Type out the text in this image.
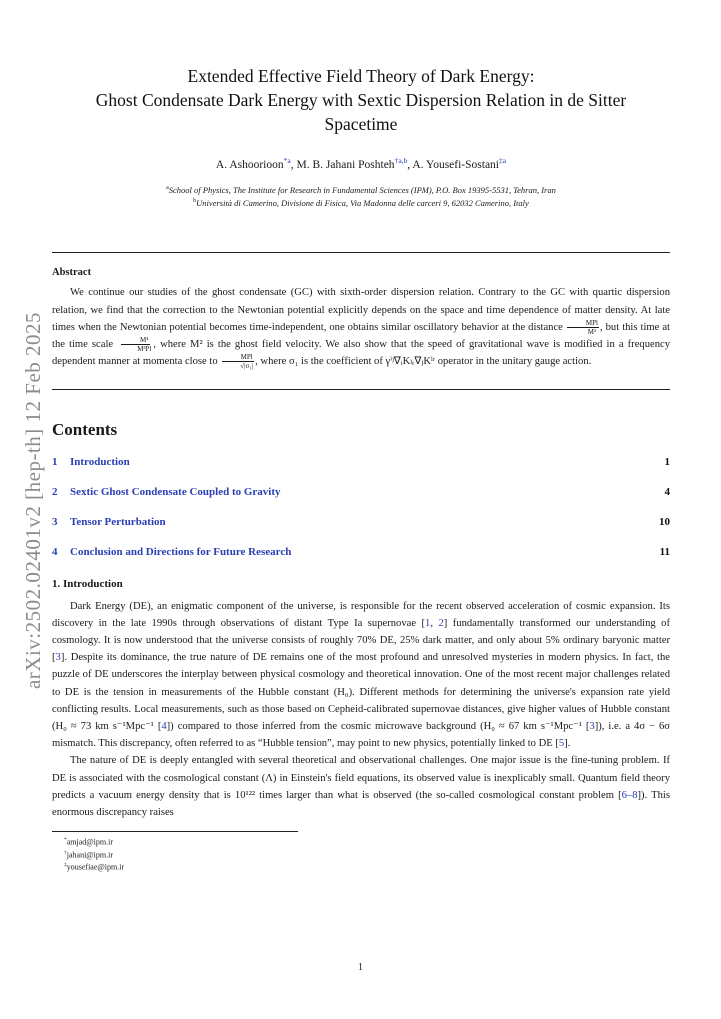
arXiv:2502.02401v2 [hep-th] 12 Feb 2025
Extended Effective Field Theory of Dark Energy:
Ghost Condensate Dark Energy with Sextic Dispersion Relation in de Sitter
Spacetime
A. Ashoorioon$^{*a}$, M. B. Jahani Poshteh$^{\dagger a,b}$, A. Yousefi-Sostani$^{\ddagger a}$
$^a$School of Physics, The Institute for Research in Fundamental Sciences (IPM), P.O. Box 19395-5531, Tehran, Iran
$^b$Università di Camerino, Divisione di Fisica, Via Madonna delle carceri 9, 62032 Camerino, Italy
Abstract
We continue our studies of the ghost condensate (GC) with sixth-order dispersion relation. Contrary to the GC with quartic dispersion relation, we find that the correction to the Newtonian potential explicitly depends on the space and time dependence of matter density. At late times when the Newtonian potential becomes time-independent, one obtains similar oscillatory behavior at the distance $\frac{\text{MPl}}{\text{M²}}$ , but this time at the time scale $\frac{\text{M⁴}}{\text{M³Pl}}$ , where M² is the ghost field velocity. We also show that the speed of gravitational wave is modified in a frequency dependent manner at momenta close to $\frac{\text{MPl}}{\text{√|σ₁|}}$ , where σ₁ is the coefficient of γⁱʲ∇ᵢKₗᵣ∇ⱼKˡʳ operator in the unitary gauge action.
Contents
1	Introduction	1
2	Sextic Ghost Condensate Coupled to Gravity	4
3	Tensor Perturbation	10
4	Conclusion and Directions for Future Research	11
1. Introduction
Dark Energy (DE), an enigmatic component of the universe, is responsible for the recent observed acceleration of cosmic expansion. Its discovery in the late 1990s through observations of distant Type Ia supernovae [1, 2] fundamentally transformed our understanding of cosmology. It is now understood that the universe consists of roughly 70% DE, 25% dark matter, and only about 5% ordinary baryonic matter [3]. Despite its dominance, the true nature of DE remains one of the most profound and unresolved mysteries in modern physics. In fact, the puzzle of DE underscores the interplay between physical cosmology and theoretical innovation. One of the most recent major challenges related to DE is the tension in measurements of the Hubble constant (H₀). Different methods for determining the universe's expansion rate yield conflicting results. Local measurements, such as those based on Cepheid-calibrated supernovae distances, give higher values of Hubble constant (H₀ ≈ 73 km s⁻¹Mpc⁻¹ [4]) compared to those inferred from the cosmic microwave background (H₀ ≈ 67 km s⁻¹Mpc⁻¹ [3]), i.e. a 4σ − 6σ mismatch. This discrepancy, often referred to as “Hubble tension”, may point to new physics, potentially linked to DE [5].
The nature of DE is deeply entangled with several theoretical and observational challenges. One major issue is the fine-tuning problem. If DE is associated with the cosmological constant (Λ) in Einstein's field equations, its observed value is inexplicably small. Quantum field theory predicts a vacuum energy density that is 10¹²² times larger than what is observed (the so-called cosmological constant problem [6–8]). This enormous discrepancy raises
*amjad@ipm.ir
†jahani@ipm.ir
‡yousefiae@ipm.ir
1
